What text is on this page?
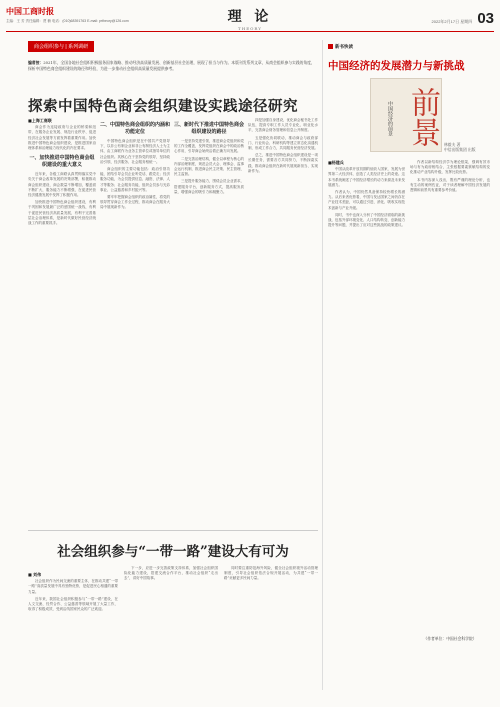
中国工商时报
主编：王 芳 责任编辑：贾 楠 电话：(010)68391763 E-mail: prtheory@126.com	理 论
THEORY
2022年2月17日 星期四 03
商会组织参与 | 系列调研
编者按：2021年，全国各地社会组织积极服务国家战略、推动经济高质量发展、创新基层社会治理，展现了担当与作为。本版刊发系列文章，从商会组织参与实践的角度，探析中国特色商会组织建设的路径和经验，为进一步推动社会组织高质量发展提供参考。
探索中国特色商会组织建设实践途径研究
■上海工商联

商会作为连接政府与企业的桥梁和纽带，在服务企业发展、规范行业秩序、促进经济社会发展等方面发挥着重要作用。加快推进中国特色商会组织建设，是推进国家治理体系和治理能力现代化的内在要求。

一、加快推进中国特色商会组织建设的重大意义

近年来，各级工商联认真贯彻落实党中央关于商会改革发展的决策部署，积极推动商会组织建设，商会数量不断增加，覆盖面不断扩大，服务能力不断增强，在促进民营经济健康发展中发挥了积极作用。

加快推进中国特色商会组织建设，有利于巩固和发展最广泛的爱国统一战线，有利于促进民营经济高质量发展，有利于完善基层社会治理体系，是新时代做好民营经济统战工作的重要抓手。

二、中国特色商会组织的内涵和功能定位

中国特色商会组织是在中国共产党领导下，以非公有制企业和非公有制经济人士为主体，由工商联作为业务主管单位或指导单位的社会组织。其核心在于坚持党的领导，坚持政治引领、经济服务、社会服务相统一。

商会组织的主要功能包括：政治引领功能，团结引导会员企业听党话、跟党走；经济服务功能，为会员提供信息、融资、法律、人才等服务；社会服务功能，组织会员参与光彩事业、公益慈善和乡村振兴等。

要牢牢把握商会组织的政治属性，将党的领导贯穿商会工作全过程，推动商会在服务大局中展现新作为。

三、新时代下推进中国特色商会组织建设的路径

一是坚持党建引领，推进商会党组织和党的工作全覆盖，发挥党组织在商会中的政治核心作用，引导商会始终沿着正确方向发展。

二是完善治理结构，健全以章程为核心的内部治理制度，规范会员大会、理事会、监事会运行机制，推进商会民主决策、民主管理、民主监督。

三是提升服务能力，围绕会员企业需求，搭建服务平台，创新服务方式，提高服务质量，增强商会的吸引力和凝聚力。

四是加强自身建设，优化商会秘书处工作队伍，提高专职工作人员专业化、职业化水平，完善商会财务管理和信息公开制度。

五是强化协同联动，推动商会与政府部门、行业协会、科研机构等建立常态化沟通机制，形成工作合力，共同服务民营经济发展。

总之，推进中国特色商会组织建设是一项长期任务，需要各方共同努力，不断探索实践，推动商会组织在新时代展现新担当、实现新作为。

新书快读
中国经济的发展潜力与新挑战
中国经济的前景 前景 林毅夫 著
中信出版集团 出版
■杨建兵

中国从改革开放初期的低收入国家，发展为世界第二大经济体，创造了人类经济史上的奇迹。这本书系统阐述了中国经济增长的动力来源及未来发展潜力。

作者认为，中国仍然具备保持较快增长的潜力。从后来者优势看，中国与发达国家之间仍存在产业技术差距，可以通过引进、消化、吸收实现技术创新与产业升级。

同时，书中也深入分析了中国经济面临的新挑战，包括外部环境变化、人口结构转变、创新能力提升等问题，并提出了应对这些挑战的政策建议。

作者以新结构经济学为理论框架，强调有效市场与有为政府相结合，主张根据要素禀赋结构的变化推动产业结构升级，发挥比较优势。

本书内容深入浅出，既有严谨的理论分析，也有生动的案例佐证，对于读者理解中国经济发展的逻辑和前景具有重要参考价值。

（作者单位：中国社会科学院）
社会组织参与“一带一路”建设大有可为
■ 刘伟

社会组织作为民间交流的重要主体，在推动共建“一带一路”高质量发展中具有独特优势，是促进民心相通的重要力量。

近年来，我国社会组织积极参与“一带一路”建设，在人文交流、经贸合作、公益慈善等领域开展了大量工作，取得了积极成效，受到沿线国家民众的广泛欢迎。

下一步，应进一步完善政策支持体系，加强社会组织国际化能力建设，搭建交流合作平台，推动社会组织“走出去”，讲好中国故事。

同时要注重防范海外风险，健全社会组织境外活动管理制度，引导社会组织依法合规开展活动，为共建“一带一路”贡献更多民间力量。
